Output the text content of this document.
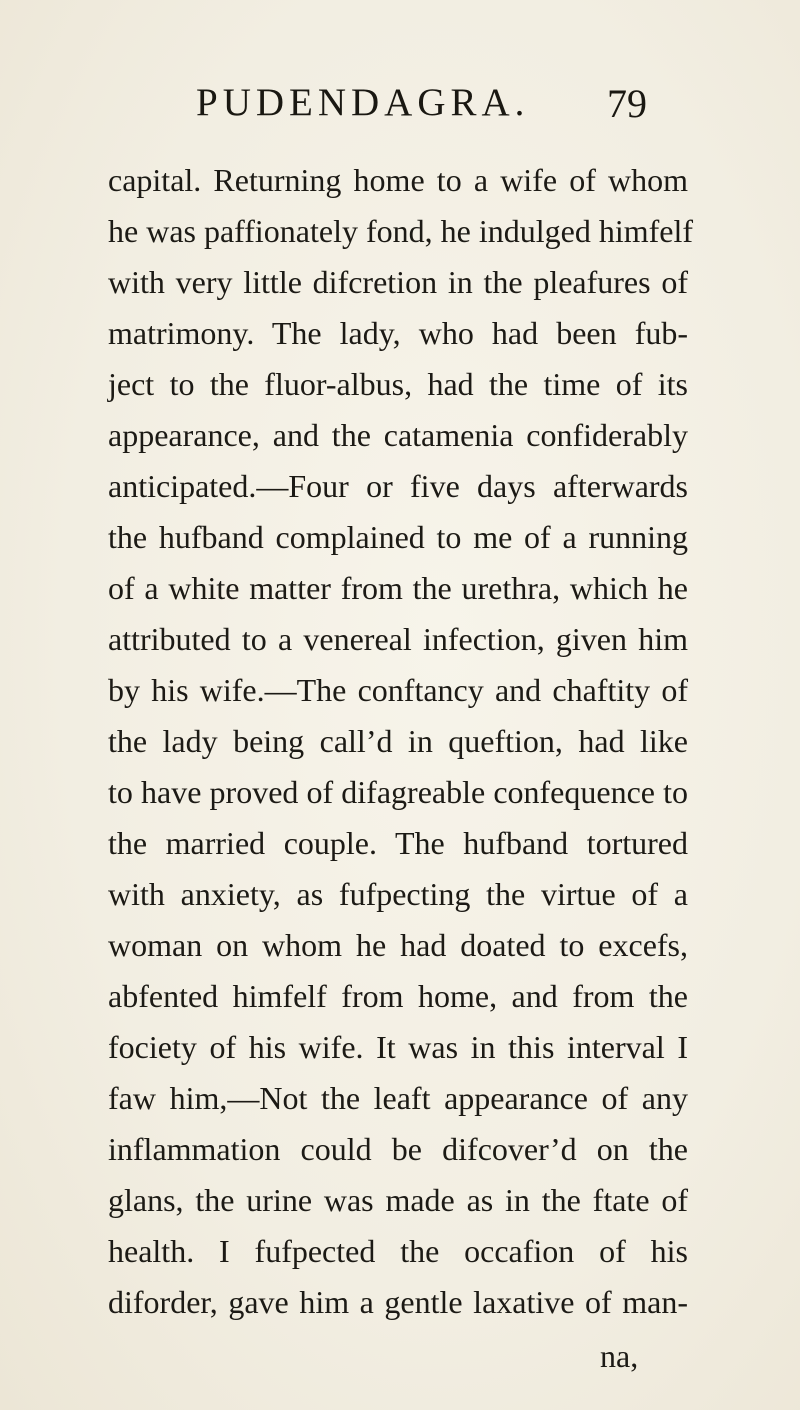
PUDENDAGRA. 79
capital. Returning home to a wife of whom
he was paffionately fond, he indulged himfelf
with very little difcretion in the pleafures of
matrimony. The lady, who had been fub-
ject to the fluor-albus, had the time of its
appearance, and the catamenia confiderably
anticipated.—Four or five days afterwards
the hufband complained to me of a running
of a white matter from the urethra, which he
attributed to a venereal infection, given him
by his wife.—The conftancy and chaftity of
the lady being call’d in queftion, had like
to have proved of difagreable confequence to
the married couple. The hufband tortured
with anxiety, as fufpecting the virtue of a
woman on whom he had doated to excefs,
abfented himfelf from home, and from the
fociety of his wife. It was in this interval I
faw him,—Not the leaft appearance of any
inflammation could be difcover’d on the
glans, the urine was made as in the ftate of
health. I fufpected the occafion of his
diforder, gave him a gentle laxative of man-
na,
